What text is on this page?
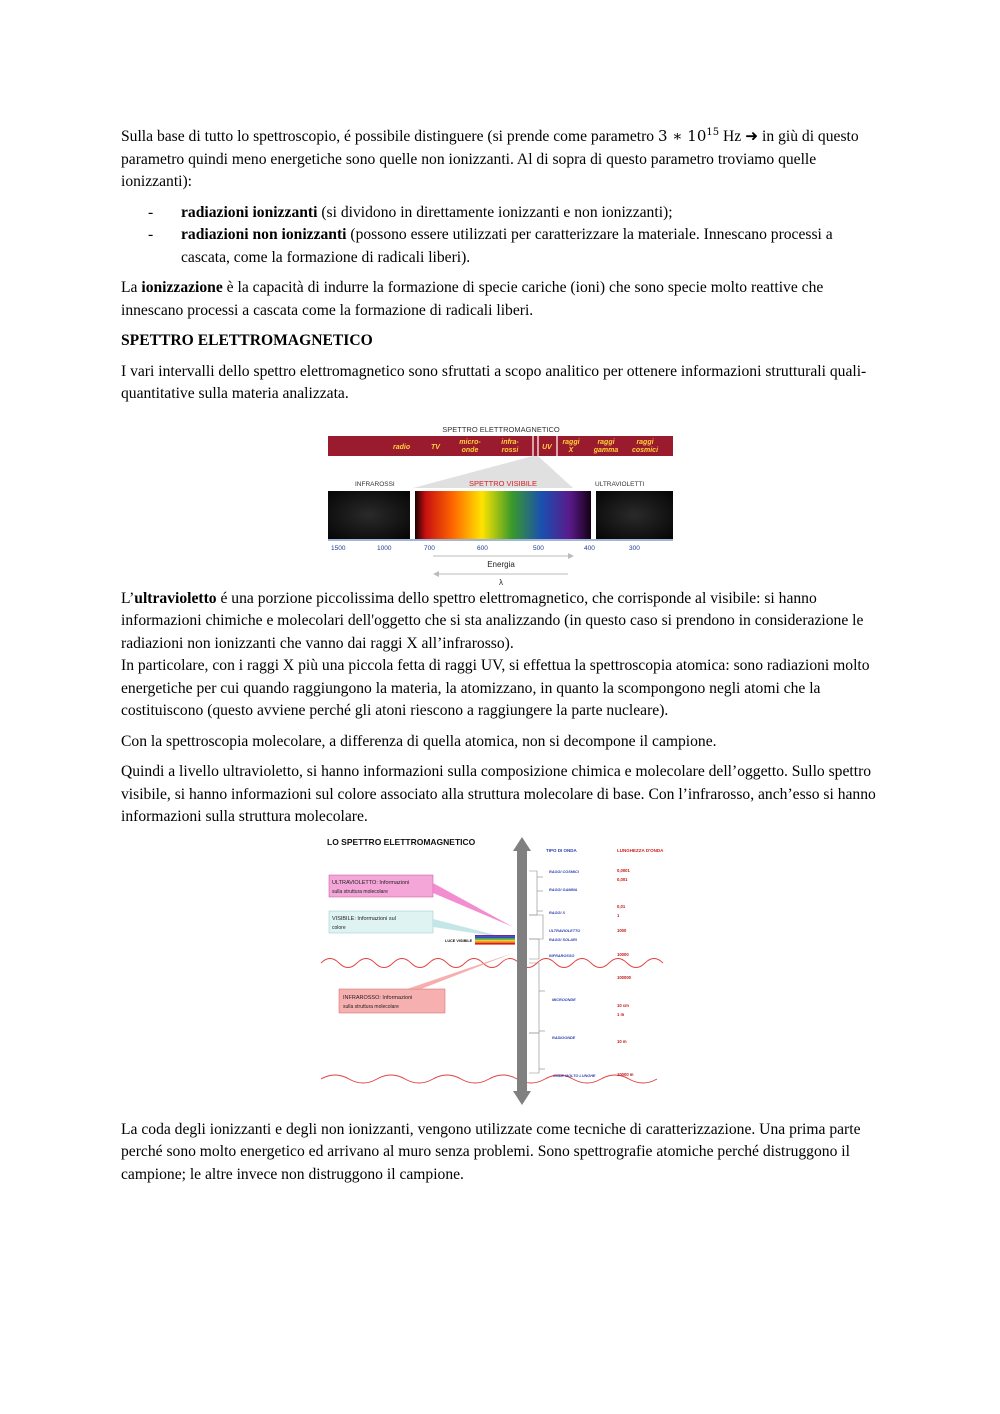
Sulla base di tutto lo spettroscopio, é possibile distinguere (si prende come parametro 3 ∗ $10^{15}$ Hz ➜ in giù di questo parametro quindi meno energetiche sono quelle non ionizzanti. Al di sopra di questo parametro troviamo quelle ionizzanti):

- radiazioni ionizzanti (si dividono in direttamente ionizzanti e non ionizzanti);
- radiazioni non ionizzanti (possono essere utilizzati per caratterizzare la materiale. Innescano processi a cascata, come la formazione di radicali liberi).

La ionizzazione è la capacità di indurre la formazione di specie cariche (ioni) che sono specie molto reattive che innescano processi a cascata come la formazione di radicali liberi.

SPETTRO ELETTROMAGNETICO

I vari intervalli dello spettro elettromagnetico sono sfruttati a scopo analitico per ottenere informazioni strutturali quali-quantitative sulla materia analizzata.

SPETTRO ELETTROMAGNETICO
radio	TV
micro-
onde
infra-
rossi	UV
raggi
X
raggi
gamma
raggi
cosmici
INFRAROSSI	SPETTRO VISIBILE	ULTRAVIOLETTI
1500	1000	700	600	500	400	300
Energia
λ

L’ultravioletto é una porzione piccolissima dello spettro elettromagnetico, che corrisponde al visibile: si hanno informazioni chimiche e molecolari dell'oggetto che si sta analizzando (in questo caso si prendono in considerazione le radiazioni non ionizzanti che vanno dai raggi X all’infrarosso).

In particolare, con i raggi X più una piccola fetta di raggi UV, si effettua la spettroscopia atomica: sono radiazioni molto energetiche per cui quando raggiungono la materia, la atomizzano, in quanto la scompongono negli atomi che la costituiscono (questo avviene perché gli atoni riescono a raggiungere la parte nucleare).

Con la spettroscopia molecolare, a differenza di quella atomica, non si decompone il campione.

Quindi a livello ultravioletto, si hanno informazioni sulla composizione chimica e molecolare dell’oggetto. Sullo spettro visibile, si hanno informazioni sul colore associato alla struttura molecolare di base. Con l’infrarosso, anch’esso si hanno informazioni sulla struttura molecolare.

LO SPETTRO ELETTROMAGNETICO
TIPO DI ONDA	LUNGHEZZA D'ONDA
ULTRAVIOLETTO: Informazioni
sulla struttura molecolare
VISIBILE: Informazioni sul
colore
LUCE VISIBILE
INFRAROSSO: Informazioni
sulla struttura molecolare
RAGGI COSMICI
RAGGI GAMMA
RAGGI X
ULTRAVIOLETTO
RAGGI SOLARI
INFRAROSSO
MICROONDE
RADIOONDE
ONDE MOLTO LUNGHE
0,0001
0,001
0,01
1
1000
10000
100000
10 cm
1 m
10 m
10000 m

La coda degli ionizzanti e degli non ionizzanti, vengono utilizzate come tecniche di caratterizzazione. Una prima parte perché sono molto energetico ed arrivano al muro senza problemi. Sono spettrografie atomiche perché distruggono il campione; le altre invece non distruggono il campione.
